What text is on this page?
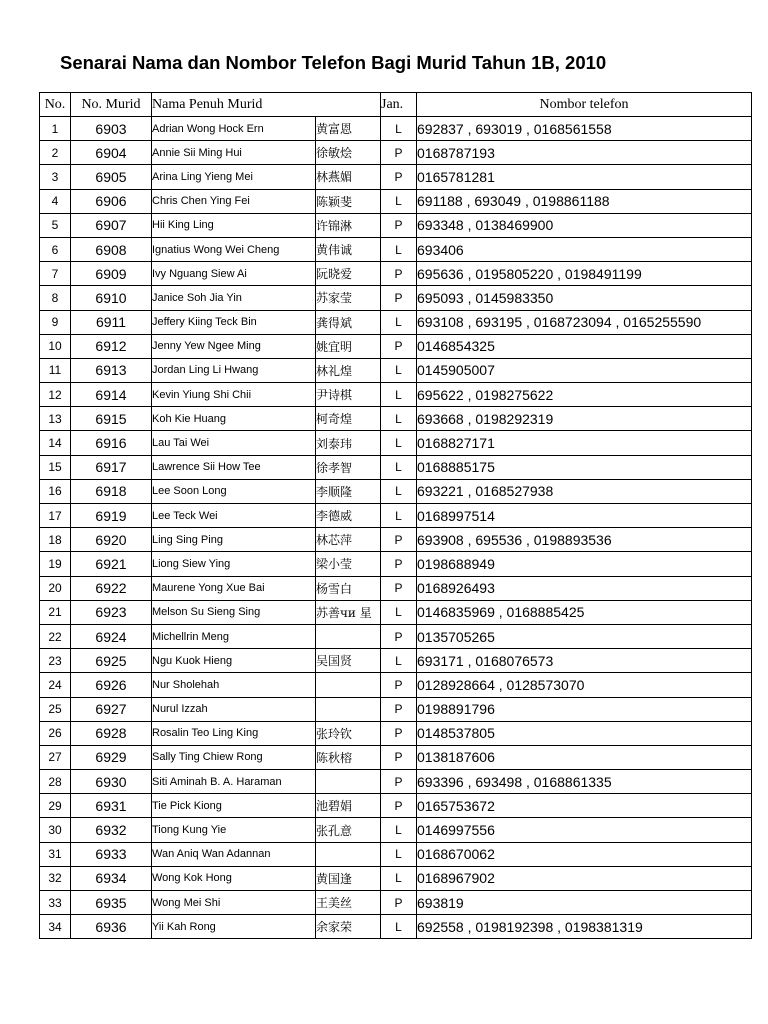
Senarai Nama dan Nombor Telefon Bagi Murid Tahun 1B, 2010
No.	No. Murid	Nama Penuh Murid		Jan.	Nombor telefon
1	6903	Adrian Wong Hock Ern	黄富恩	L	692837 , 693019 , 0168561558
2	6904	Annie Sii Ming Hui	徐敏烩	P	0168787193
3	6905	Arina Ling Yieng Mei	林燕媚	P	0165781281
4	6906	Chris Chen Ying Fei	陈颖斐	L	691188 , 693049 , 0198861188
5	6907	Hii King Ling	许锦淋	P	693348 , 0138469900
6	6908	Ignatius Wong Wei Cheng	黄伟诚	L	693406
7	6909	Ivy Nguang Siew Ai	阮晓爱	P	695636 , 0195805220 , 0198491199
8	6910	Janice Soh Jia Yin	苏家莹	P	695093 , 0145983350
9	6911	Jeffery Kiing Teck Bin	龚得斌	L	693108 , 693195 , 0168723094 , 0165255590
10	6912	Jenny Yew Ngee Ming	姚宜明	P	0146854325
11	6913	Jordan Ling Li Hwang	林礼煌	L	0145905007
12	6914	Kevin Yiung Shi Chii	尹诗棋	L	695622 , 0198275622
13	6915	Koh Kie Huang	柯奇煌	L	693668 , 0198292319
14	6916	Lau Tai Wei	刘泰玮	L	0168827171
15	6917	Lawrence Sii How Tee	徐孝智	L	0168885175
16	6918	Lee Soon Long	李顺隆	L	693221 , 0168527938
17	6919	Lee Teck Wei	李德威	L	0168997514
18	6920	Ling Sing Ping	林芯萍	P	693908 , 695536 , 0198893536
19	6921	Liong Siew Ying	梁小莹	P	0198688949
20	6922	Maurene Yong Xue Bai	杨雪白	P	0168926493
21	6923	Melson Su Sieng Sing	苏善чи 星	L	0146835969 , 0168885425
22	6924	Michellrin Meng		P	0135705265
23	6925	Ngu Kuok Hieng	吴国贤	L	693171 , 0168076573
24	6926	Nur Sholehah		P	0128928664 , 0128573070
25	6927	Nurul Izzah		P	0198891796
26	6928	Rosalin Teo Ling King	张玲钦	P	0148537805
27	6929	Sally Ting Chiew Rong	陈秋榕	P	0138187606
28	6930	Siti Aminah B. A. Haraman		P	693396 , 693498 , 0168861335
29	6931	Tie Pick Kiong	池碧娟	P	0165753672
30	6932	Tiong Kung Yie	张孔意	L	0146997556
31	6933	Wan Aniq Wan Adannan		L	0168670062
32	6934	Wong Kok Hong	黄国逢	L	0168967902
33	6935	Wong Mei Shi	王美丝	P	693819
34	6936	Yii Kah Rong	余家荣	L	692558 , 0198192398 , 0198381319
